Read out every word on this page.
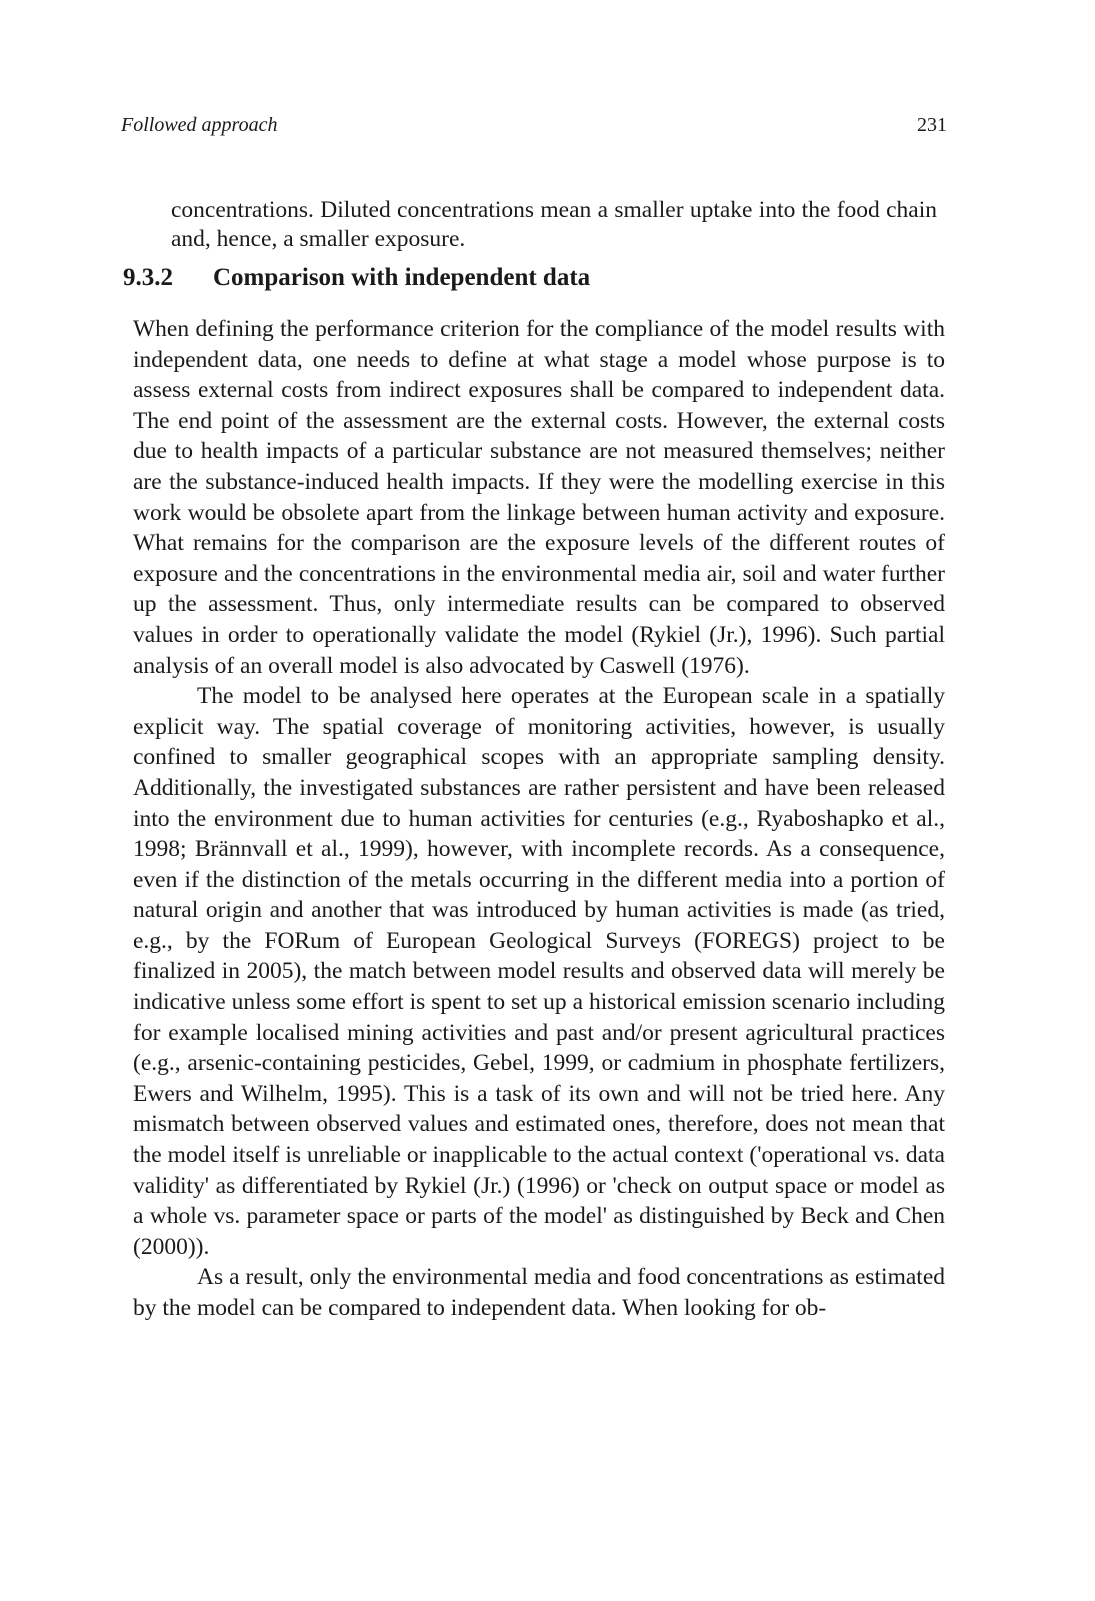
Followed approach	231

concentrations. Diluted concentrations mean a smaller uptake into the food chain and, hence, a smaller exposure.

9.3.2 Comparison with independent data

When defining the performance criterion for the compliance of the model results with independent data, one needs to define at what stage a model whose purpose is to assess external costs from indirect exposures shall be compared to independent data. The end point of the assessment are the external costs. However, the external costs due to health impacts of a particular substance are not measured themselves; neither are the substance-induced health impacts. If they were the modelling exercise in this work would be obsolete apart from the linkage between human activity and exposure. What remains for the comparison are the exposure levels of the different routes of exposure and the concentrations in the environmental media air, soil and water further up the assessment. Thus, only intermediate results can be compared to observed values in order to operationally validate the model (Rykiel (Jr.), 1996). Such partial analysis of an overall model is also advocated by Caswell (1976).

The model to be analysed here operates at the European scale in a spatially explicit way. The spatial coverage of monitoring activities, however, is usually confined to smaller geographical scopes with an appropriate sampling density. Additionally, the investigated substances are rather persistent and have been released into the environment due to human activities for centuries (e.g., Ryaboshapko et al., 1998; Brännvall et al., 1999), however, with incomplete records. As a consequence, even if the distinction of the metals occurring in the different media into a portion of natural origin and another that was introduced by human activities is made (as tried, e.g., by the FORum of European Geological Surveys (FOREGS) project to be finalized in 2005), the match between model results and observed data will merely be indicative unless some effort is spent to set up a historical emission scenario including for example localised mining activities and past and/or present agricultural practices (e.g., arsenic-containing pesticides, Gebel, 1999, or cadmium in phosphate fertilizers, Ewers and Wilhelm, 1995). This is a task of its own and will not be tried here. Any mismatch between observed values and estimated ones, therefore, does not mean that the model itself is unreliable or inapplicable to the actual context ('operational vs. data validity' as differentiated by Rykiel (Jr.) (1996) or 'check on output space or model as a whole vs. parameter space or parts of the model' as distinguished by Beck and Chen (2000)).

As a result, only the environmental media and food concentrations as estimated by the model can be compared to independent data. When looking for ob-
